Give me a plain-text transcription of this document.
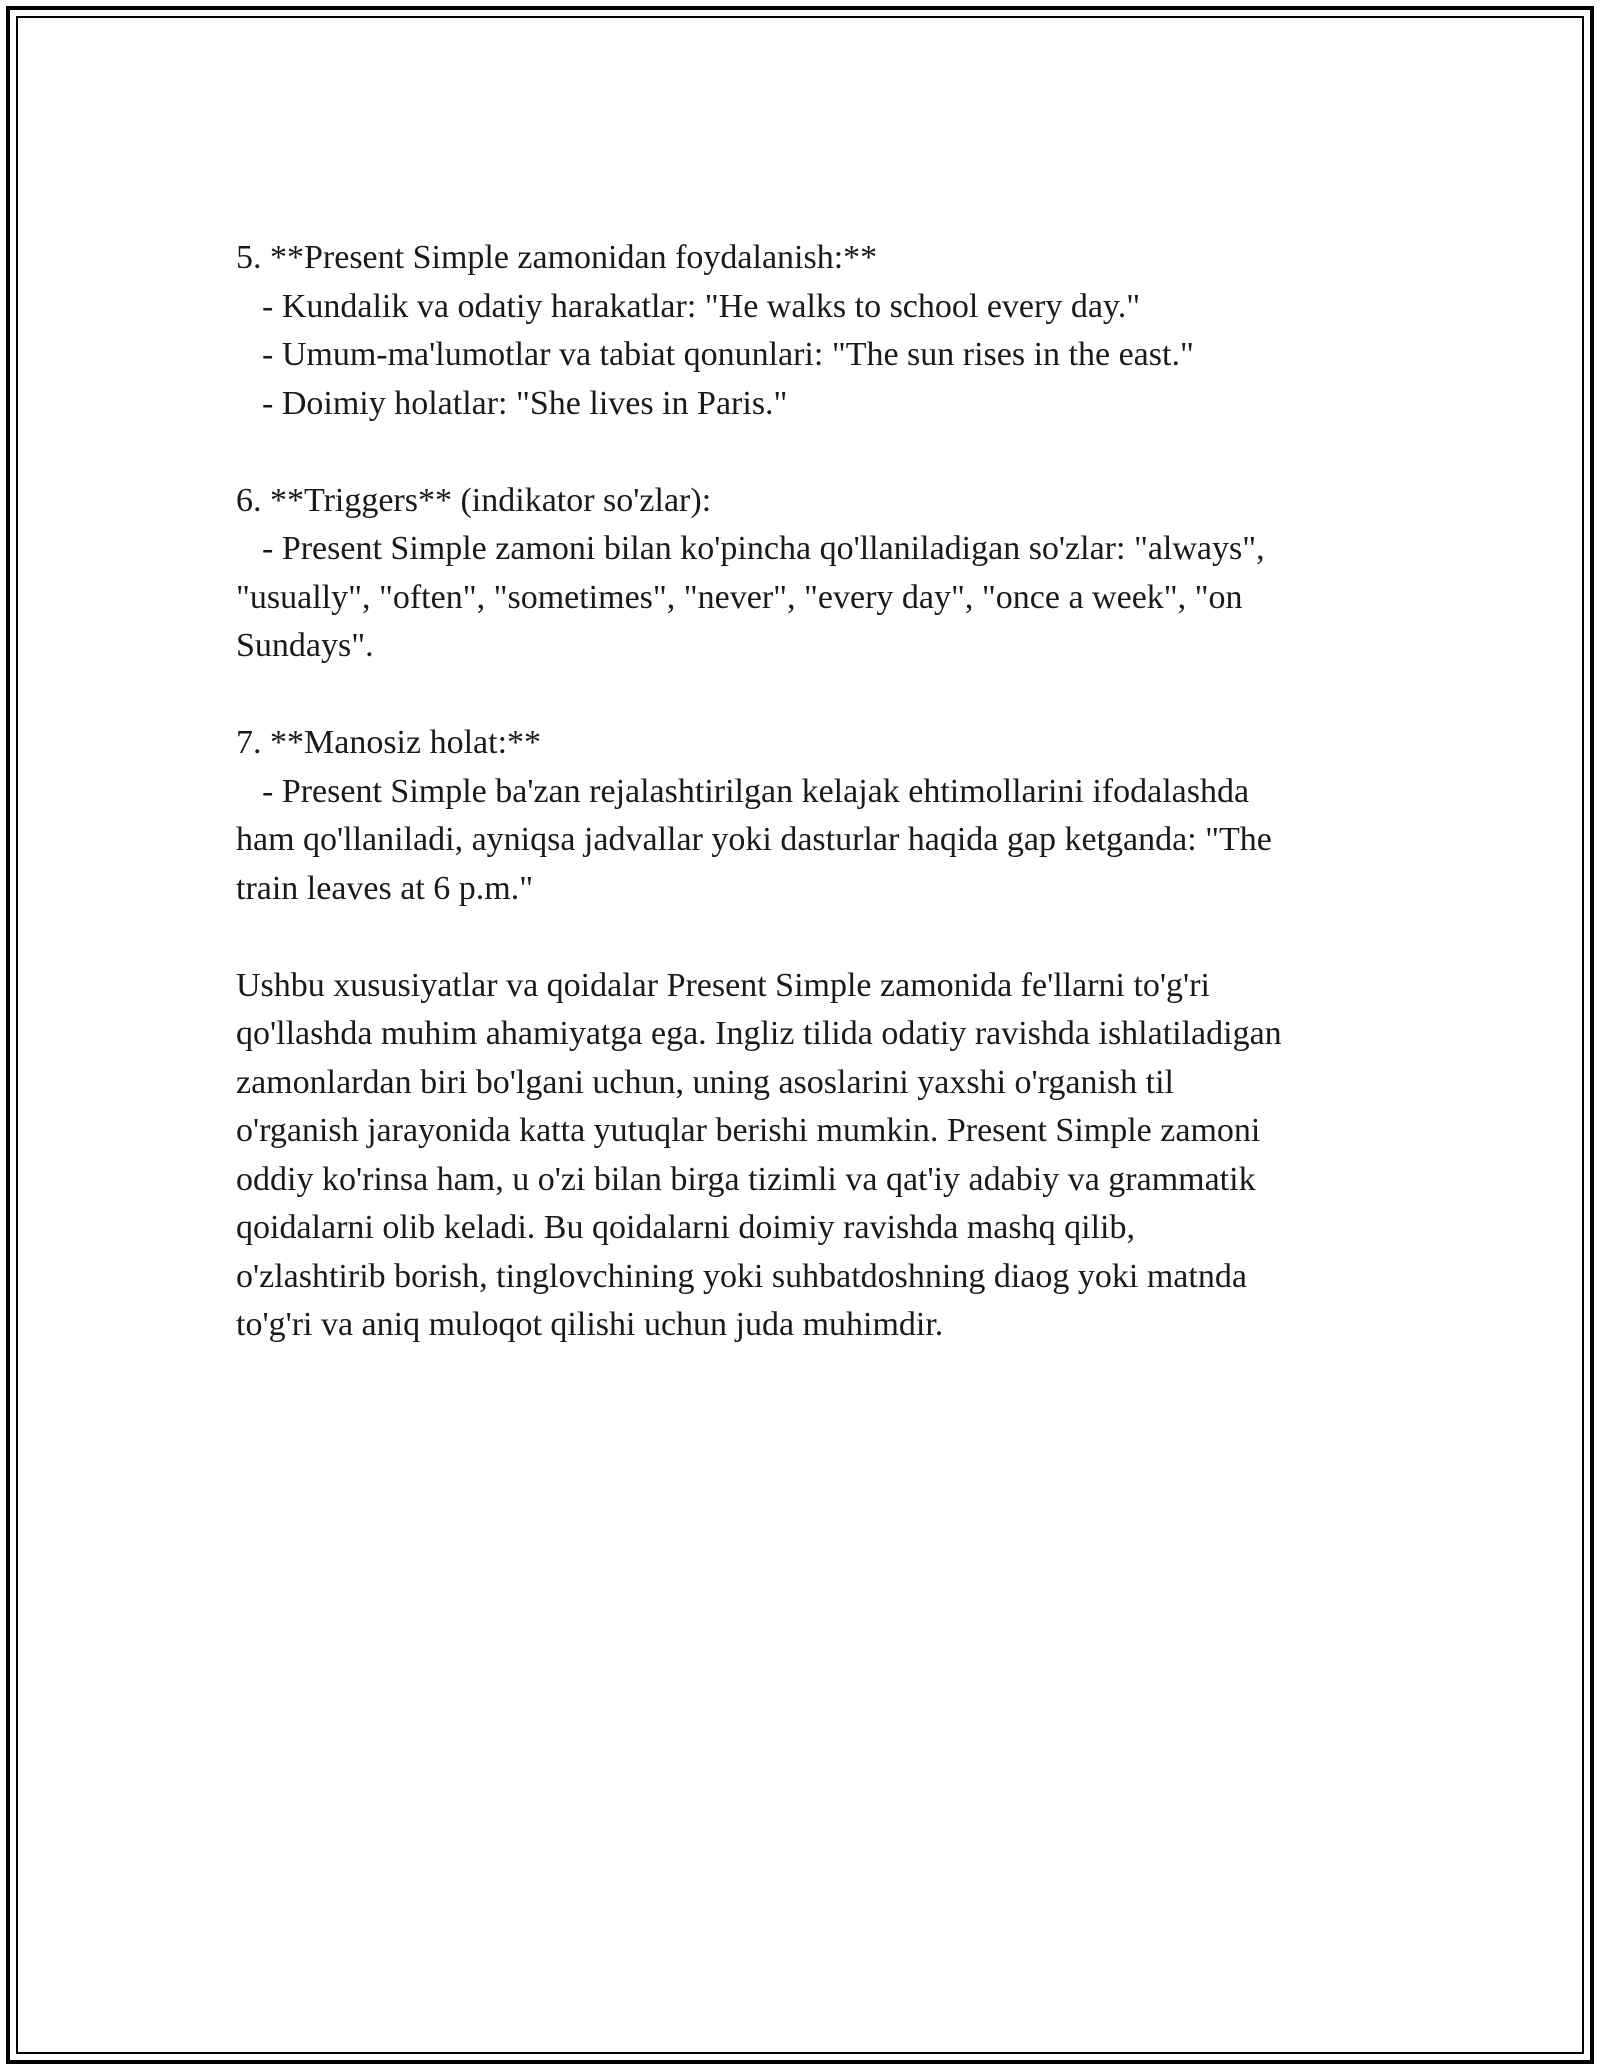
5. **Present Simple zamonidan foydalanish:**
- Kundalik va odatiy harakatlar: "He walks to school every day."
- Umum-ma'lumotlar va tabiat qonunlari: "The sun rises in the east."
- Doimiy holatlar: "She lives in Paris."
6. **Triggers** (indikator so'zlar):
- Present Simple zamoni bilan ko'pincha qo'llaniladigan so'zlar: "always",
"usually", "often", "sometimes", "never", "every day", "once a week", "on
Sundays".
7. **Manosiz holat:**
- Present Simple ba'zan rejalashtirilgan kelajak ehtimollarini ifodalashda
ham qo'llaniladi, ayniqsa jadvallar yoki dasturlar haqida gap ketganda: "The
train leaves at 6 p.m."
Ushbu xususiyatlar va qoidalar Present Simple zamonida fe'llarni to'g'ri
qo'llashda muhim ahamiyatga ega. Ingliz tilida odatiy ravishda ishlatiladigan
zamonlardan biri bo'lgani uchun, uning asoslarini yaxshi o'rganish til
o'rganish jarayonida katta yutuqlar berishi mumkin. Present Simple zamoni
oddiy ko'rinsa ham, u o'zi bilan birga tizimli va qat'iy adabiy va grammatik
qoidalarni olib keladi. Bu qoidalarni doimiy ravishda mashq qilib,
o'zlashtirib borish, tinglovchining yoki suhbatdoshning diaog yoki matnda
to'g'ri va aniq muloqot qilishi uchun juda muhimdir.
